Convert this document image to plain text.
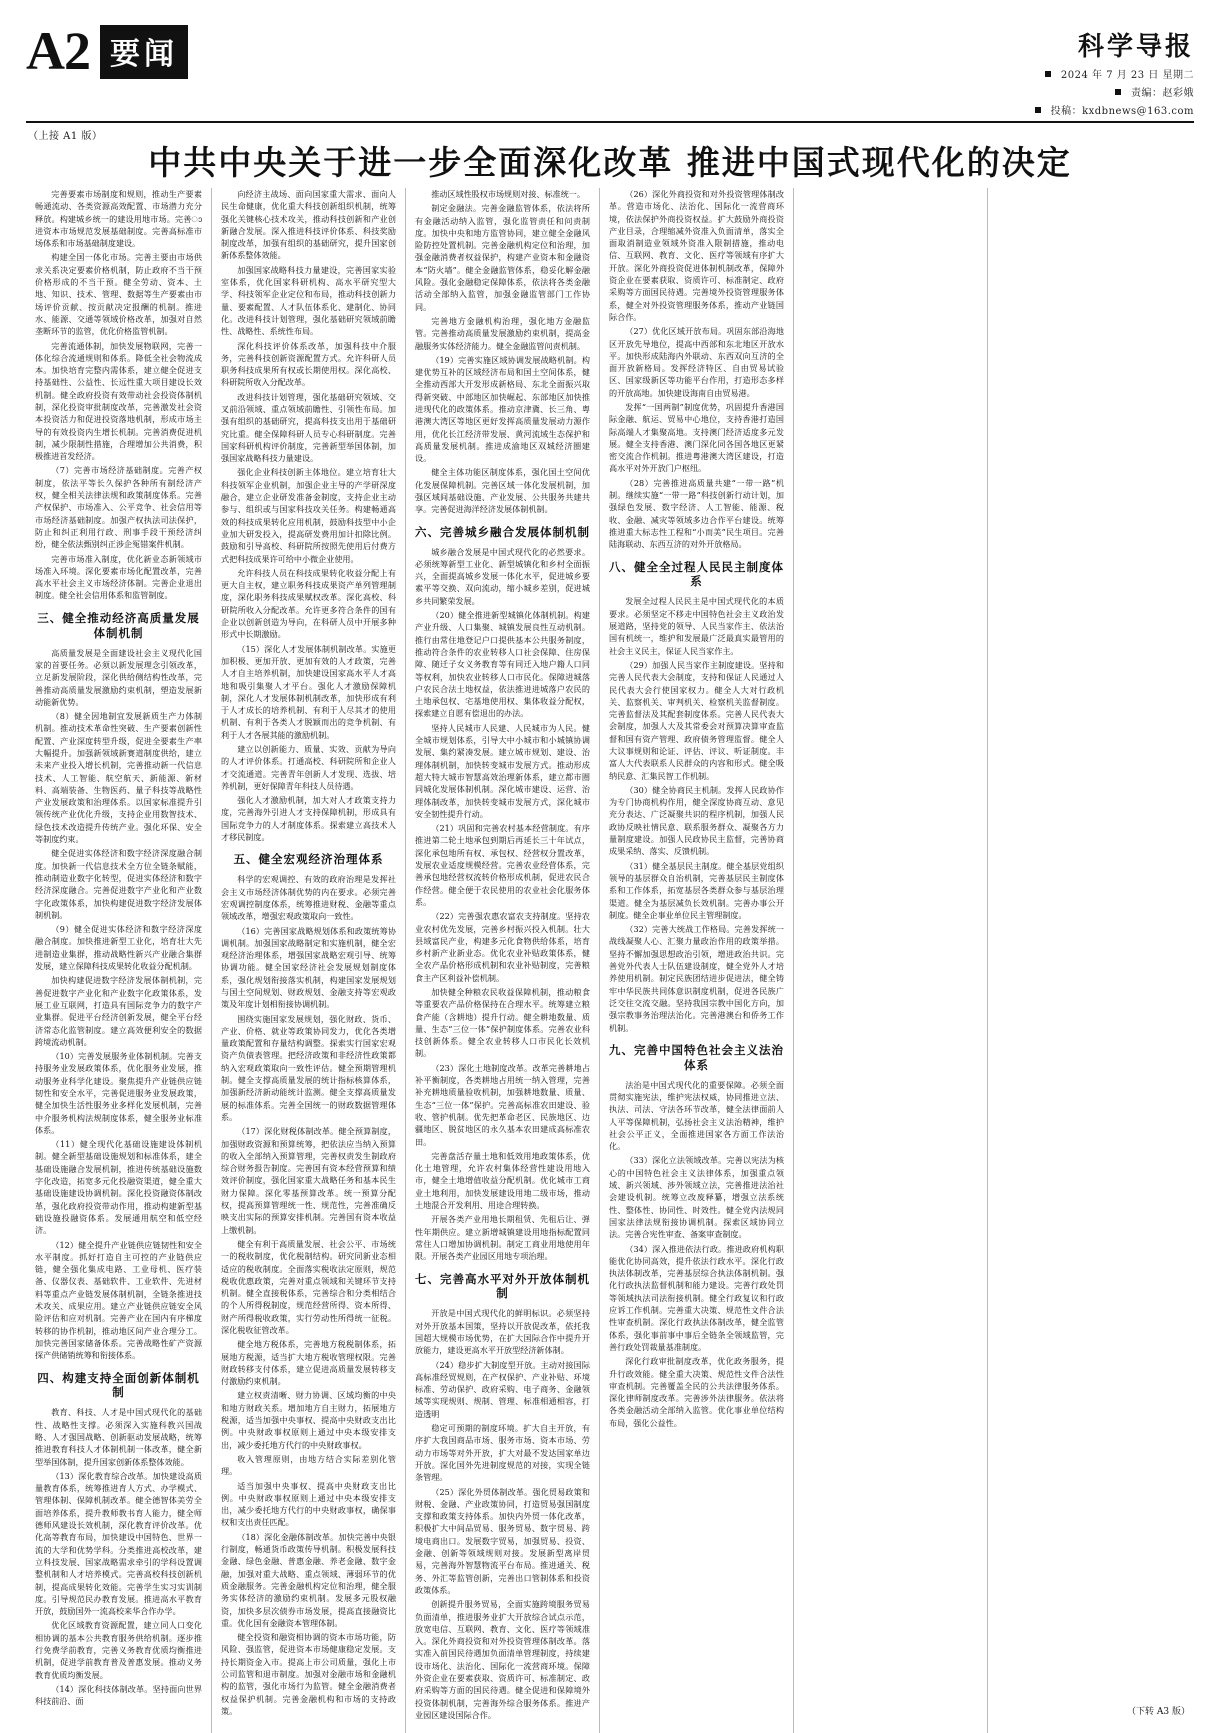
A2 要闻	科学导报
2024 年 7 月 23 日 星期二
责编：赵彩娥
投稿：kxdbnews@163.com
（上接 A1 版）
中共中央关于进一步全面深化改革 推进中国式现代化的决定

完善要素市场制度和规则，推动生产要素畅通流动、各类资源高效配置、市场潜力充分释放。构建城乡统一的建设用地市场。完善ാ进资本市场规范发展基础制度。完善高标准市场体系和市场基础制度建设。

构建全国一体化市场。完善主要由市场供求关系决定要素价格机制，防止政府不当干预价格形成的不当干预。健全劳动、资本、土地、知识、技术、管理、数据等生产要素由市场评价贡献、按贡献决定报酬的机制。推进水、能源、交通等领域价格改革，加强对自然垄断环节的监管，优化价格监管机制。

完善流通体制，加快发展物联网，完善一体化综合流通规则和体系。降低全社会物流成本。加快培育完整内需体系，建立健全促进支持基础性、公益性、长远性重大项目建设长效机制。健全政府投资有效带动社会投资体制机制，深化投资审批制度改革，完善激发社会资本投资活力和促进投资落地机制，形成市场主导的有效投资内生增长机制。完善消费促进机制，减少限制性措施，合理增加公共消费，积极推进首发经济。

（7）完善市场经济基础制度。完善产权制度，依法平等长久保护各种所有制经济产权，健全相关法律法规和政策制度体系。完善产权保护、市场准入、公平竞争、社会信用等市场经济基础制度。加强产权执法司法保护，防止和纠正利用行政、刑事手段干预经济纠纷，健全依法甄别纠正涉企冤错案件机制。

完善市场准入制度，优化新业态新领域市场准入环境。深化要素市场化配置改革，完善高水平社会主义市场经济体制。完善企业退出制度。健全社会信用体系和监管制度。

三、健全推动经济高质量发展体制机制

高质量发展是全面建设社会主义现代化国家的首要任务。必须以新发展理念引领改革，立足新发展阶段，深化供给侧结构性改革，完善推动高质量发展激励约束机制，塑造发展新动能新优势。

（8）健全因地制宜发展新质生产力体制机制。推动技术革命性突破、生产要素创新性配置、产业深度转型升级，促进全要素生产率大幅提升。加强新领域新赛道制度供给，建立未来产业投入增长机制，完善推动新一代信息技术、人工智能、航空航天、新能源、新材料、高端装备、生物医药、量子科技等战略性产业发展政策和治理体系。以国家标准提升引领传统产业优化升级，支持企业用数智技术、绿色技术改造提升传统产业。强化环保、安全等制度约束。

健全促进实体经济和数字经济深度融合制度。加快新一代信息技术全方位全链条赋能，推动制造业数字化转型，促进实体经济和数字经济深度融合。完善促进数字产业化和产业数字化政策体系，加快构建促进数字经济发展体制机制。

（9）健全促进实体经济和数字经济深度融合制度。加快推进新型工业化，培育壮大先进制造业集群，推动战略性新兴产业融合集群发展，建立保障科技成果转化收益分配机制。

加快构建促进数字经济发展体制机制，完善促进数字产业化和产业数字化政策体系，发展工业互联网，打造具有国际竞争力的数字产业集群。促进平台经济创新发展，健全平台经济常态化监管制度。建立高效便利安全的数据跨境流动机制。

（10）完善发展服务业体制机制。完善支持服务业发展政策体系，优化服务业发展，推动服务业科学化建设。聚焦提升产业链供应链韧性和安全水平，完善促进服务业发展政策，健全加快生活性服务业多样化发展机制，完善中介服务机构法规制度体系，健全服务业标准体系。

（11）健全现代化基础设施建设体制机制。健全新型基础设施规划和标准体系，建全基础设施融合发展机制，推进传统基础设施数字化改造，拓宽多元化投融资渠道，健全重大基础设施建设协调机制。深化投资融资体制改革，强化政府投资带动作用，推动构建新型基础设施投融资体系。发展通用航空和低空经济。

（12）健全提升产业链供应链韧性和安全水平制度。抓好打造自主可控的产业链供应链，健全强化集成电路、工业母机、医疗装备、仪器仪表、基础软件、工业软件、先进材料等重点产业链发展体制机制，全链条推进技术攻关、成果应用。建立产业链供应链安全风险评估和应对机制。完善产业在国内有序梯度转移的协作机制，推动地区间产业合理分工。加快完善国家储备体系。完善战略性矿产资源探产供储销统筹和衔接体系。

四、构建支持全面创新体制机制

教育、科技、人才是中国式现代化的基础性、战略性支撑。必须深入实施科教兴国战略、人才强国战略、创新驱动发展战略，统筹推进教育科技人才体制机制一体改革，健全新型举国体制，提升国家创新体系整体效能。

（13）深化教育综合改革。加快建设高质量教育体系，统筹推进育人方式、办学模式、管理体制、保障机制改革。健全德智体美劳全面培养体系，提升教师教书育人能力，健全师德师风建设长效机制，深化教育评价改革。优化高等教育布局，加快建设中国特色、世界一流的大学和优势学科。分类推进高校改革，建立科技发展、国家战略需求牵引的学科设置调整机制和人才培养模式。完善高校科技创新机制，提高成果转化效能。完善学生实习实训制度。引导规范民办教育发展。推进高水平教育开放，鼓励国外一流高校来华合作办学。

优化区域教育资源配置，建立同人口变化相协调的基本公共教育服务供给机制。逐步推行免费学前教育，完善义务教育优质均衡推进机制，促进学前教育普及普惠发展。推动义务教育优质均衡发展。

（14）深化科技体制改革。坚持面向世界科技前沿、面

向经济主战场、面向国家重大需求、面向人民生命健康，优化重大科技创新组织机制，统筹强化关键核心技术攻关，推动科技创新和产业创新融合发展。深入推进科技评价体系、科技奖励制度改革，加强有组织的基础研究，提升国家创新体系整体效能。

加强国家战略科技力量建设，完善国家实验室体系，优化国家科研机构、高水平研究型大学、科技领军企业定位和布局，推动科技创新力量、要素配置、人才队伍体系化、建制化、协同化。改进科技计划管理，强化基础研究领域前瞻性、战略性、系统性布局。

深化科技评价体系改革，加强科技中介服务，完善科技创新资源配置方式。允许科研人员职务科技成果所有权或长期使用权。深化高校、科研院所收入分配改革。

改进科技计划管理，强化基础研究领域、交叉前沿领域、重点领域前瞻性、引领性布局。加强有组织的基础研究，提高科技支出用于基础研究比重。健全保障科研人员专心科研制度。完善国家科研机构评价制度，完善新型举国体制，加强国家战略科技力量建设。

强化企业科技创新主体地位。建立培育壮大科技领军企业机制，加强企业主导的产学研深度融合，建立企业研发准备金制度，支持企业主动参与、组织或与国家科技攻关任务。构建畅通高效的科技成果转化应用机制，鼓励科技型中小企业加大研发投入，提高研发费用加计扣除比例。鼓励和引导高校、科研院所按照先使用后付费方式把科技成果许可给中小微企业使用。

允许科技人员在科技成果转化收益分配上有更大自主权，建立职务科技成果资产单列管理制度，深化职务科技成果赋权改革。深化高校、科研院所收入分配改革。允许更多符合条件的国有企业以创新创造为导向，在科研人员中开展多种形式中长期激励。

（15）深化人才发展体制机制改革。实施更加积极、更加开放、更加有效的人才政策，完善人才自主培养机制，加快建设国家高水平人才高地和吸引集聚人才平台。强化人才激励保障机制，深化人才发展体制机制改革，加快形成有利于人才成长的培养机制、有利于人尽其才的使用机制、有利于各类人才脱颖而出的竞争机制、有利于人才各展其能的激励机制。

建立以创新能力、质量、实效、贡献为导向的人才评价体系。打通高校、科研院所和企业人才交流通道。完善青年创新人才发现、选拔、培养机制，更好保障青年科技人员待遇。

强化人才激励机制，加大对人才政策支持力度，完善海外引进人才支持保障机制，形成具有国际竞争力的人才制度体系。探索建立高技术人才移民制度。

五、健全宏观经济治理体系

科学的宏观调控、有效的政府治理是发挥社会主义市场经济体制优势的内在要求。必须完善宏观调控制度体系，统筹推进财税、金融等重点领域改革，增强宏观政策取向一致性。

（16）完善国家战略规划体系和政策统筹协调机制。加强国家战略制定和实施机制，健全宏观经济治理体系，增强国家战略宏观引导、统筹协调功能。健全国家经济社会发展规划制度体系，强化规划衔接落实机制，构建国家发展规划与国土空间规划、财政规划、金融支持等宏观政策及年度计划相衔接协调机制。

围绕实施国家发展规划，强化财政、货币、产业、价格、就业等政策协同发力，优化各类增量政策配置和存量结构调整。探索实行国家宏观资产负债表管理。把经济政策和非经济性政策都纳入宏观政策取向一致性评估。健全预期管理机制。健全支撑高质量发展的统计指标核算体系，加强新经济新动能统计监测。健全支撑高质量发展的标准体系。完善全国统一的财政数据管理体系。

（17）深化财税体制改革。健全预算制度，加强财政资源和预算统筹，把依法应当纳入预算的收入全部纳入预算管理，完善权责发生制政府综合财务报告制度。完善国有资本经营预算和绩效评价制度，强化国家重大战略任务和基本民生财力保障。深化零基预算改革。统一预算分配权，提高预算管理统一性、规范性，完善准确反映支出实际的预算安排机制。完善国有资本收益上缴机制。

健全有利于高质量发展、社会公平、市场统一的税收制度，优化税制结构。研究同新业态相适应的税收制度。全面落实税收法定原则，规范税收优惠政策，完善对重点领域和关键环节支持机制。健全直接税体系，完善综合和分类相结合的个人所得税制度，规范经营所得、资本所得、财产所得税收政策，实行劳动性所得统一征税。深化税收征管改革。

健全地方税体系，完善地方税税制体系，拓展地方税源，适当扩大地方税收管理权限。完善财政转移支付体系，建立促进高质量发展转移支付激励约束机制。

建立权责清晰、财力协调、区域均衡的中央和地方财政关系。增加地方自主财力，拓展地方税源，适当加强中央事权、提高中央财政支出比例。中央财政事权原则上通过中央本级安排支出，减少委托地方代行的中央财政事权。

收入管理原则，由地方结合实际差别化管理。

适当加强中央事权、提高中央财政支出比例。中央财政事权原则上通过中央本级安排支出，减少委托地方代行的中央财政事权，确保事权和支出责任匹配。

（18）深化金融体制改革。加快完善中央银行制度，畅通货币政策传导机制。积极发展科技金融、绿色金融、普惠金融、养老金融、数字金融，加强对重大战略、重点领域、薄弱环节的优质金融服务。完善金融机构定位和治理，健全服务实体经济的激励约束机制。发展多元股权融资，加快多层次债券市场发展，提高直接融资比重。优化国有金融资本管理体制。

健全投资和融资相协调的资本市场功能，防风险、强监管，促进资本市场健康稳定发展。支持长期资金入市。提高上市公司质量，强化上市公司监管和退市制度。加强对金融市场和金融机构的监管，强化市场行为监管。健全金融消费者权益保护机制。完善金融机构和市场的支持政策。

推动区域性股权市场规则对接、标准统一。

制定金融法。完善金融监管体系，依法将所有金融活动纳入监管，强化监管责任和问责制度。加快中央和地方监管协同，建立健全金融风险防控处置机制。完善金融机构定位和治理，加强金融消费者权益保护，构建产业资本和金融资本“防火墙”。健全金融监管体系，稳妥化解金融风险。强化金融稳定保障体系，依法将各类金融活动全部纳入监管，加强金融监管部门工作协同。

完善地方金融机构治理，强化地方金融监管。完善推动高质量发展激励约束机制，提高金融服务实体经济能力。健全金融监管问责机制。

（19）完善实施区域协调发展战略机制。构建优势互补的区域经济布局和国土空间体系，健全推动西部大开发形成新格局、东北全面振兴取得新突破、中部地区加快崛起、东部地区加快推进现代化的政策体系。推动京津冀、长三角、粤港澳大湾区等地区更好发挥高质量发展动力源作用，优化长江经济带发展、黄河流域生态保护和高质量发展机制。推进成渝地区双城经济圈建设。

健全主体功能区制度体系，强化国土空间优化发展保障机制。完善区域一体化发展机制，加强区域间基础设施、产业发展、公共服务共建共享。完善促进海洋经济发展体制机制。

六、完善城乡融合发展体制机制

城乡融合发展是中国式现代化的必然要求。必须统筹新型工业化、新型城镇化和乡村全面振兴，全面提高城乡发展一体化水平，促进城乡要素平等交换、双向流动，缩小城乡差别，促进城乡共同繁荣发展。

（20）健全推进新型城镇化体制机制。构建产业升级、人口集聚、城镇发展良性互动机制。推行由常住地登记户口提供基本公共服务制度，推动符合条件的农业转移人口社会保障、住房保障、随迁子女义务教育等有同迁入地户籍人口同等权利，加快农业转移人口市民化。保障进城落户农民合法土地权益，依法推进进城落户农民的土地承包权、宅基地使用权、集体收益分配权，探索建立自愿有偿退出的办法。

坚持人民城市人民建、人民城市为人民。健全城市规划体系，引导大中小城市和小城镇协调发展、集约紧凑发展。建立城市规划、建设、治理体制机制，加快转变城市发展方式。推动形成超大特大城市智慧高效治理新体系，建立都市圈同城化发展体制机制。深化城市建设、运营、治理体制改革，加快转变城市发展方式，深化城市安全韧性提升行动。

（21）巩固和完善农村基本经营制度。有序推进第二轮土地承包到期后再延长三十年试点，深化承包地所有权、承包权、经营权分置改革，发展农业适度规模经营。完善农业经营体系，完善承包地经营权流转价格形成机制，促进农民合作经营。健全便于农民使用的农业社会化服务体系。

（22）完善强农惠农富农支持制度。坚持农业农村优先发展，完善乡村振兴投入机制。壮大县域富民产业，构建多元化食物供给体系，培育乡村新产业新业态。优化农业补贴政策体系，健全农产品价格形成机制和农业补贴制度，完善粮食主产区利益补偿机制。

加快健全种粮农民收益保障机制，推动粮食等重要农产品价格保持在合理水平。统筹建立粮食产能（含耕地）提升行动。健全耕地数量、质量、生态“三位一体”保护制度体系。完善农业科技创新体系。健全农业转移人口市民化长效机制。

（23）深化土地制度改革。改革完善耕地占补平衡制度，各类耕地占用统一纳入管理，完善补充耕地质量验收机制，加强耕地数量、质量、生态“三位一体”保护。完善高标准农田建设、验收、管护机制。优先把革命老区、民族地区、边疆地区、脱贫地区的永久基本农田建成高标准农田。

完善盘活存量土地和低效用地政策体系，优化土地管理，允许农村集体经营性建设用地入市，健全土地增值收益分配机制。优化城市工商业土地利用，加快发展建设用地二级市场，推动土地混合开发利用、用途合理转换。

开展各类产业用地长期租赁、先租后让、弹性年期供应。建立新增城镇建设用地指标配置同常住人口增加协调机制。制定工商业用地使用年限。开展各类产业园区用地专项治理。

七、完善高水平对外开放体制机制

开放是中国式现代化的鲜明标识。必须坚持对外开放基本国策，坚持以开放促改革，依托我国超大规模市场优势，在扩大国际合作中提升开放能力，建设更高水平开放型经济新体制。

（24）稳步扩大制度型开放。主动对接国际高标准经贸规则，在产权保护、产业补贴、环境标准、劳动保护、政府采购、电子商务、金融领域等实现规则、规制、管理、标准相通相容，打造透明

稳定可预期的制度环境。扩大自主开放，有序扩大我国商品市场、服务市场、资本市场、劳动力市场等对外开放，扩大对最不发达国家单边开放。深化国外先进制度规范的对接，实现全链条管理。

（25）深化外贸体制改革。强化贸易政策和财税、金融、产业政策协同，打造贸易强国制度支撑和政策支持体系。加快内外贸一体化改革，积极扩大中间品贸易、服务贸易、数字贸易、跨境电商出口。发展数字贸易，加强贸易、投资、金融、创新等领域规则对接。发展新型离岸贸易，完善海外智慧物流平台布局。推进通关、税务、外汇等监管创新，完善出口管制体系和投资政策体系。

创新提升服务贸易，全面实施跨境服务贸易负面清单，推进服务业扩大开放综合试点示范，放宽电信、互联网、教育、文化、医疗等领域准入。深化外商投资和对外投资管理体制改革。落实准入前国民待遇加负面清单管理制度，持续建设市场化、法治化、国际化一流营商环境。保障外资企业在要素获取、资质许可、标准制定、政府采购等方面的国民待遇。健全促进和保障境外投资体制机制，完善海外综合服务体系。推进产业园区建设国际合作。

（26）深化外商投资和对外投资管理体制改革。营造市场化、法治化、国际化一流营商环境，依法保护外商投资权益。扩大鼓励外商投资产业目录，合理缩减外资准入负面清单，落实全面取消制造业领域外资准入限制措施，推动电信、互联网、教育、文化、医疗等领域有序扩大开放。深化外商投资促进体制机制改革，保障外资企业在要素获取、资质许可、标准制定、政府采购等方面国民待遇。完善境外投资管理服务体系，健全对外投资管理服务体系，推动产业链国际合作。

（27）优化区域开放布局。巩固东部沿海地区开放先导地位，提高中西部和东北地区开放水平。加快形成陆海内外联动、东西双向互济的全面开放新格局。发挥经济特区、自由贸易试验区、国家级新区等功能平台作用，打造形态多样的开放高地。加快建设海南自由贸易港。

发挥“一国两制”制度优势，巩固提升香港国际金融、航运、贸易中心地位，支持香港打造国际高端人才集聚高地。支持澳门经济适度多元发展。健全支持香港、澳门深化同各国各地区更紧密交流合作机制。推进粤港澳大湾区建设，打造高水平对外开放门户枢纽。

（28）完善推进高质量共建“一带一路”机制。继续实施“一带一路”科技创新行动计划，加强绿色发展、数字经济、人工智能、能源、税收、金融、减灾等领域多边合作平台建设。统筹推进重大标志性工程和“小而美”民生项目。完善陆海联动、东西互济的对外开放格局。

八、健全全过程人民民主制度体系

发展全过程人民民主是中国式现代化的本质要求。必须坚定不移走中国特色社会主义政治发展道路，坚持党的领导、人民当家作主、依法治国有机统一，维护和发展最广泛最真实最管用的社会主义民主，保证人民当家作主。

（29）加强人民当家作主制度建设。坚持和完善人民代表大会制度，支持和保证人民通过人民代表大会行使国家权力。健全人大对行政机关、监察机关、审判机关、检察机关监督制度。完善监督法及其配套制度体系。完善人民代表大会制度，加强人大及其常委会对预算决算审查监督和国有资产管理、政府债务管理监督。健全人大议事规则和论证、评估、评议、听证制度。丰富人大代表联系人民群众的内容和形式。健全吸纳民意、汇集民智工作机制。

（30）健全协商民主机制。发挥人民政协作为专门协商机构作用，健全深度协商互动、意见充分表达、广泛凝聚共识的程序机制，加强人民政协反映社情民意、联系服务群众、凝聚各方力量制度建设。加强人民政协民主监督，完善协商成果采纳、落实、反馈机制。

（31）健全基层民主制度。健全基层党组织领导的基层群众自治机制，完善基层民主制度体系和工作体系，拓宽基层各类群众参与基层治理渠道。健全为基层减负长效机制。完善办事公开制度。健全企事业单位民主管理制度。

（32）完善大统战工作格局。完善发挥统一战线凝聚人心、汇聚力量政治作用的政策举措。坚持不懈加强思想政治引领，增进政治共识。完善党外代表人士队伍建设制度，健全党外人才培养使用机制。制定民族团结进步促进法，健全铸牢中华民族共同体意识制度机制，促进各民族广泛交往交流交融。坚持我国宗教中国化方向，加强宗教事务治理法治化。完善港澳台和侨务工作机制。

九、完善中国特色社会主义法治体系

法治是中国式现代化的重要保障。必须全面贯彻实施宪法，维护宪法权威，协同推进立法、执法、司法、守法各环节改革，健全法律面前人人平等保障机制，弘扬社会主义法治精神，维护社会公平正义，全面推进国家各方面工作法治化。

（33）深化立法领域改革。完善以宪法为核心的中国特色社会主义法律体系，加强重点领域、新兴领域、涉外领域立法，完善推进法治社会建设机制。统筹立改废释纂，增强立法系统性、整体性、协同性、时效性。健全党内法规同国家法律法规衔接协调机制。探索区域协同立法。完善合宪性审查、备案审查制度。

（34）深入推进依法行政。推进政府机构职能优化协同高效，提升依法行政水平。深化行政执法体制改革，完善基层综合执法体制机制。强化行政执法监督机制和能力建设。完善行政处罚等领域执法司法衔接机制。健全行政复议和行政应诉工作机制。完善重大决策、规范性文件合法性审查机制。深化行政执法体制改革，健全监管体系，强化事前事中事后全链条全领域监管，完善行政处罚裁量基准制度。

深化行政审批制度改革，优化政务服务，提升行政效能。健全重大决策、规范性文件合法性审查机制。完善覆盖全民的公共法律服务体系。深化律师制度改革。完善涉外法律服务。依法将各类金融活动全部纳入监管。优化事业单位结构布局，强化公益性。

（下转 A3 版）
